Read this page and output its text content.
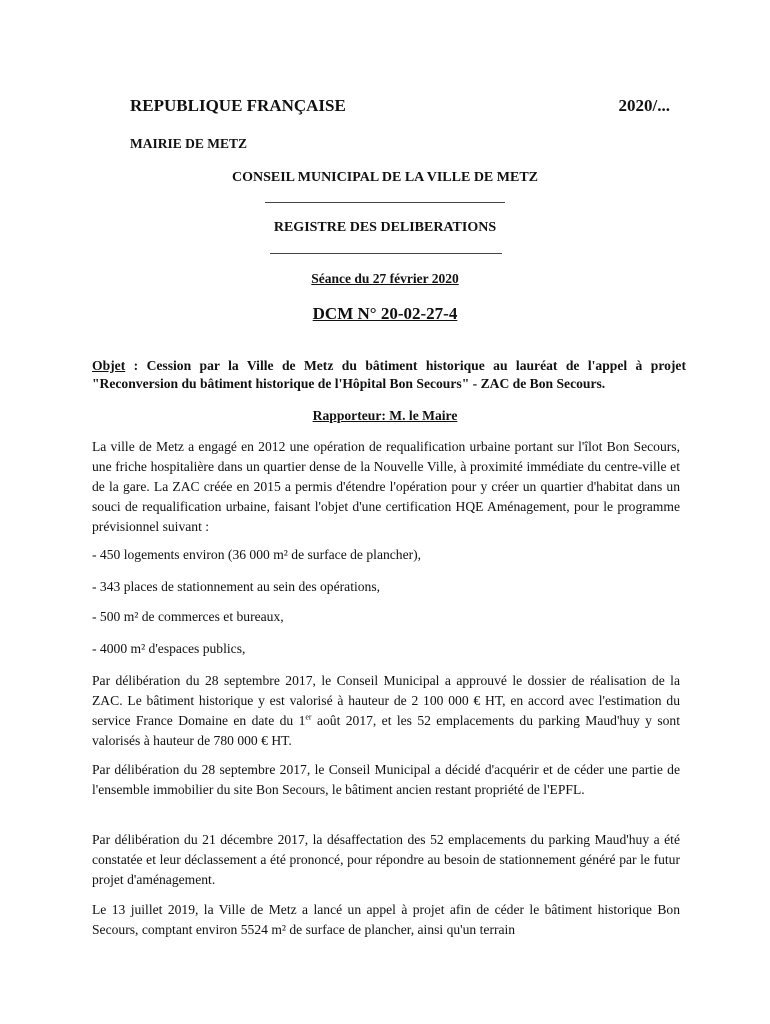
REPUBLIQUE FRANÇAISE	2020/...
MAIRIE DE METZ
CONSEIL MUNICIPAL DE LA VILLE DE METZ
REGISTRE DES DELIBERATIONS
Séance du 27 février 2020
DCM N° 20-02-27-4
Objet : Cession par la Ville de Metz du bâtiment historique au lauréat de l'appel à projet "Reconversion du bâtiment historique de l'Hôpital Bon Secours" - ZAC de Bon Secours.
Rapporteur: M. le Maire
La ville de Metz a engagé en 2012 une opération de requalification urbaine portant sur l'îlot Bon Secours, une friche hospitalière dans un quartier dense de la Nouvelle Ville, à proximité immédiate du centre-ville et de la gare. La ZAC créée en 2015 a permis d'étendre l'opération pour y créer un quartier d'habitat dans un souci de requalification urbaine, faisant l'objet d'une certification HQE Aménagement, pour le programme prévisionnel suivant :
- 450 logements environ (36 000 m² de surface de plancher),
- 343 places de stationnement au sein des opérations,
- 500 m² de commerces et bureaux,
- 4000 m² d'espaces publics,
Par délibération du 28 septembre 2017, le Conseil Municipal a approuvé le dossier de réalisation de la ZAC. Le bâtiment historique y est valorisé à hauteur de 2 100 000 € HT, en accord avec l'estimation du service France Domaine en date du 1er août 2017, et les 52 emplacements du parking Maud'huy y sont valorisés à hauteur de 780 000 € HT.
Par délibération du 28 septembre 2017, le Conseil Municipal a décidé d'acquérir et de céder une partie de l'ensemble immobilier du site Bon Secours, le bâtiment ancien restant propriété de l'EPFL.
Par délibération du 21 décembre 2017, la désaffectation des 52 emplacements du parking Maud'huy a été constatée et leur déclassement a été prononcé, pour répondre au besoin de stationnement généré par le futur projet d'aménagement.
Le 13 juillet 2019, la Ville de Metz a lancé un appel à projet afin de céder le bâtiment historique Bon Secours, comptant environ 5524 m² de surface de plancher, ainsi qu'un terrain
